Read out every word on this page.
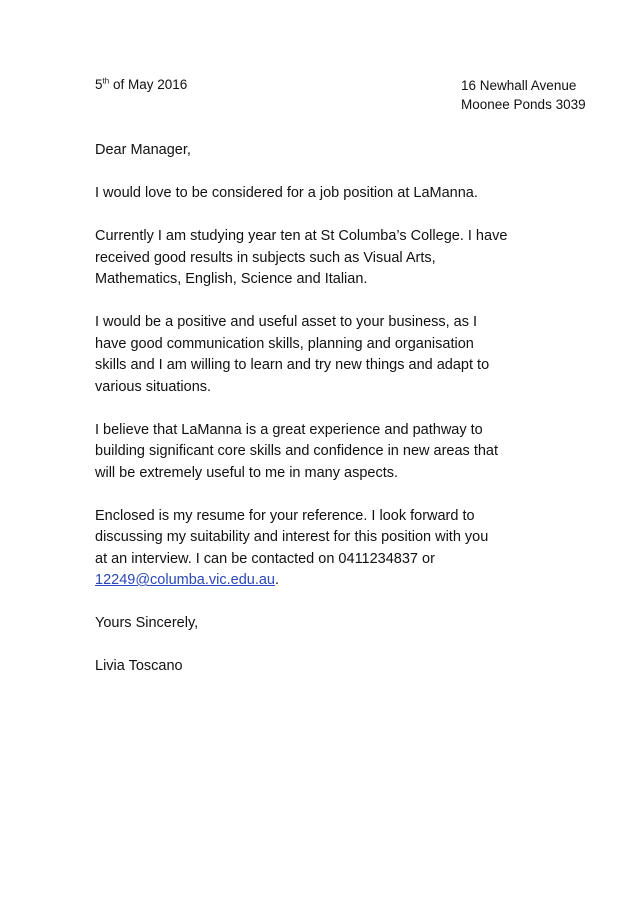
5th of May 2016	16 Newhall Avenue
Moonee Ponds 3039

Dear Manager,

I would love to be considered for a job position at LaManna.

Currently I am studying year ten at St Columba’s College. I have
received good results in subjects such as Visual Arts,
Mathematics, English, Science and Italian.

I would be a positive and useful asset to your business, as I
have good communication skills, planning and organisation
skills and I am willing to learn and try new things and adapt to
various situations.

I believe that LaManna is a great experience and pathway to
building significant core skills and confidence in new areas that
will be extremely useful to me in many aspects.

Enclosed is my resume for your reference. I look forward to
discussing my suitability and interest for this position with you
at an interview. I can be contacted on 0411234837 or
12249@columba.vic.edu.au.

Yours Sincerely,

Livia Toscano
